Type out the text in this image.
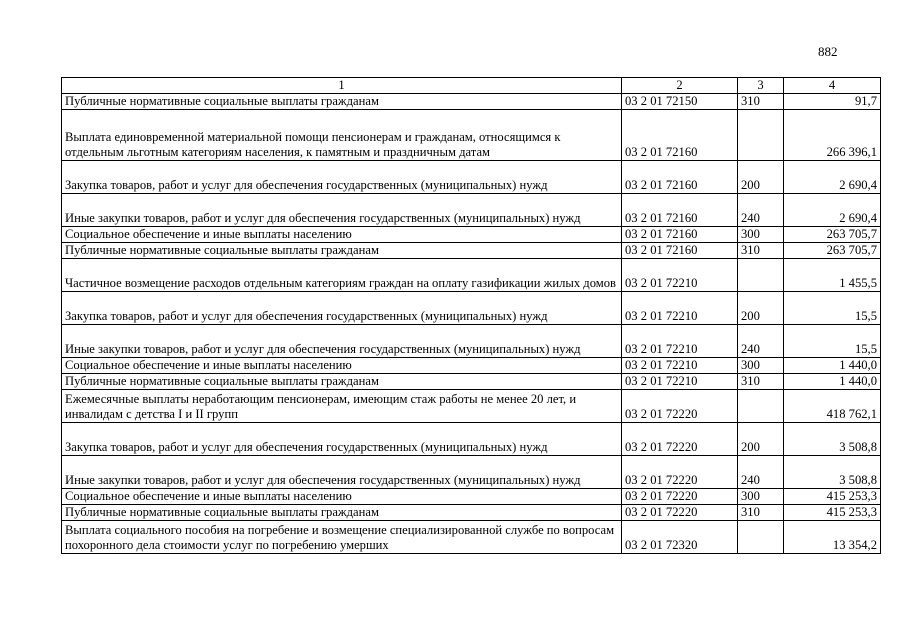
882
1	2	3	4
Публичные нормативные социальные выплаты гражданам	03 2 01 72150	310	91,7
Выплата единовременной материальной помощи пенсионерам и гражданам, относящимся к отдельным льготным категориям населения, к памятным и праздничным датам	03 2 01 72160		266 396,1
Закупка товаров, работ и услуг для обеспечения государственных (муниципальных) нужд	03 2 01 72160	200	2 690,4
Иные закупки товаров, работ и услуг для обеспечения государственных (муниципальных) нужд	03 2 01 72160	240	2 690,4
Социальное обеспечение и иные выплаты населению	03 2 01 72160	300	263 705,7
Публичные нормативные социальные выплаты гражданам	03 2 01 72160	310	263 705,7
Частичное возмещение расходов отдельным категориям граждан на оплату газификации жилых домов	03 2 01 72210		1 455,5
Закупка товаров, работ и услуг для обеспечения государственных (муниципальных) нужд	03 2 01 72210	200	15,5
Иные закупки товаров, работ и услуг для обеспечения государственных (муниципальных) нужд	03 2 01 72210	240	15,5
Социальное обеспечение и иные выплаты населению	03 2 01 72210	300	1 440,0
Публичные нормативные социальные выплаты гражданам	03 2 01 72210	310	1 440,0
Ежемесячные выплаты неработающим пенсионерам, имеющим стаж работы не менее 20 лет, и инвалидам с детства I и II групп	03 2 01 72220		418 762,1
Закупка товаров, работ и услуг для обеспечения государственных (муниципальных) нужд	03 2 01 72220	200	3 508,8
Иные закупки товаров, работ и услуг для обеспечения государственных (муниципальных) нужд	03 2 01 72220	240	3 508,8
Социальное обеспечение и иные выплаты населению	03 2 01 72220	300	415 253,3
Публичные нормативные социальные выплаты гражданам	03 2 01 72220	310	415 253,3
Выплата социального пособия на погребение и возмещение специализированной службе по вопросам похоронного дела стоимости услуг по погребению умерших	03 2 01 72320		13 354,2
